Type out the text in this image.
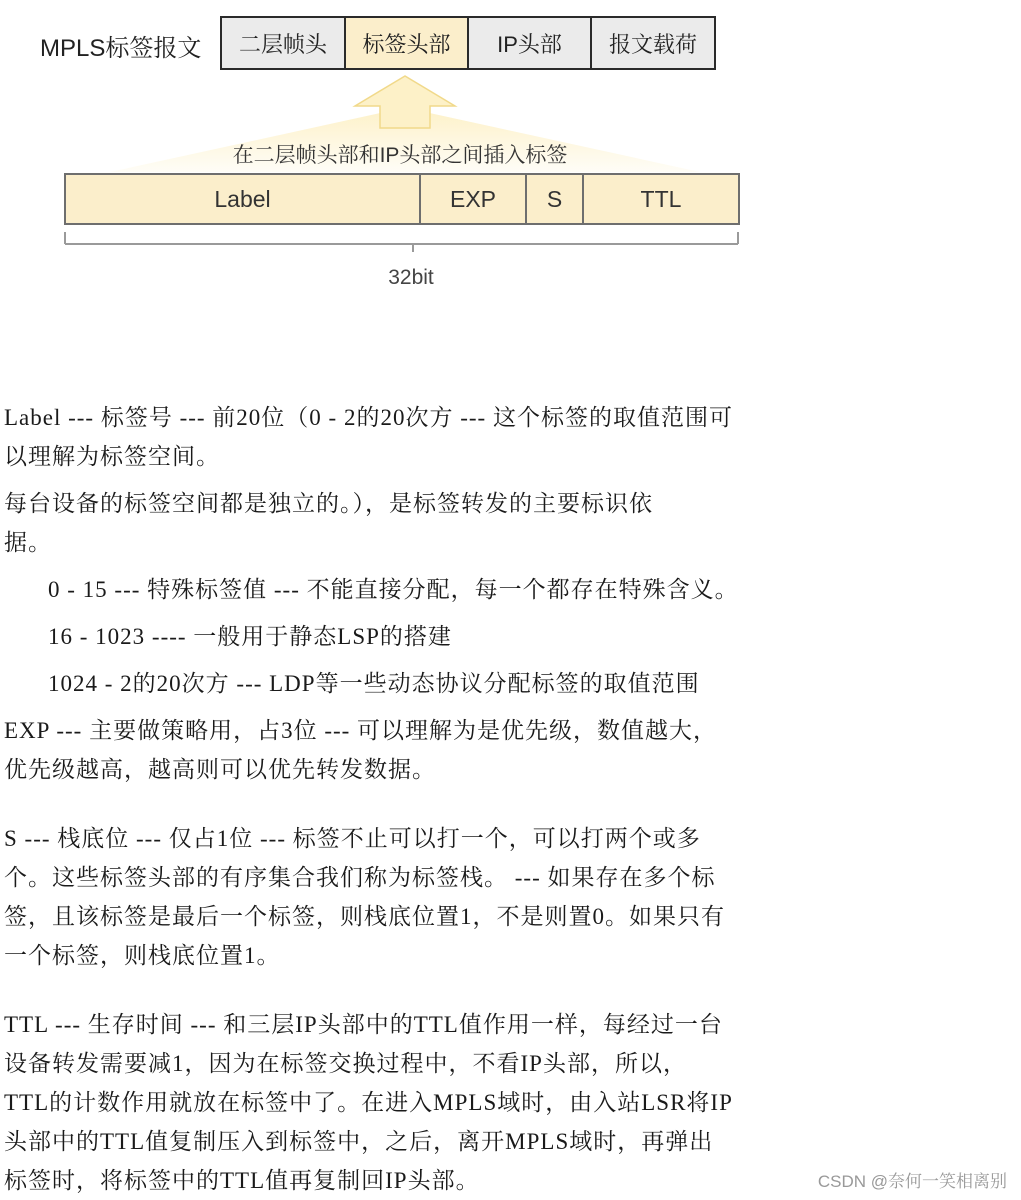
MPLS标签报文	二层帧头	标签头部	IP头部	报文载荷
在二层帧头部和IP头部之间插入标签
Label	EXP	S	TTL
32bit

Label --- 标签号 --- 前20位（0 - 2的20次方 --- 这个标签的取值范围可

以理解为标签空间。

每台设备的标签空间都是独立的。），是标签转发的主要标识依

据。

0 - 15 --- 特殊标签值 --- 不能直接分配，每一个都存在特殊含义。

16 - 1023 ---- 一般用于静态LSP的搭建

1024 - 2的20次方 --- LDP等一些动态协议分配标签的取值范围

EXP --- 主要做策略用，占3位 --- 可以理解为是优先级，数值越大，

优先级越高，越高则可以优先转发数据。

S --- 栈底位 --- 仅占1位 --- 标签不止可以打一个，可以打两个或多

个。这些标签头部的有序集合我们称为标签栈。 --- 如果存在多个标

签，且该标签是最后一个标签，则栈底位置1，不是则置0。如果只有

一个标签，则栈底位置1。

TTL --- 生存时间 --- 和三层IP头部中的TTL值作用一样，每经过一台

设备转发需要减1，因为在标签交换过程中，不看IP头部，所以，

TTL的计数作用就放在标签中了。在进入MPLS域时，由入站LSR将IP

头部中的TTL值复制压入到标签中，之后，离开MPLS域时，再弹出

标签时，将标签中的TTL值再复制回IP头部。	CSDN @奈何一笑相离别
